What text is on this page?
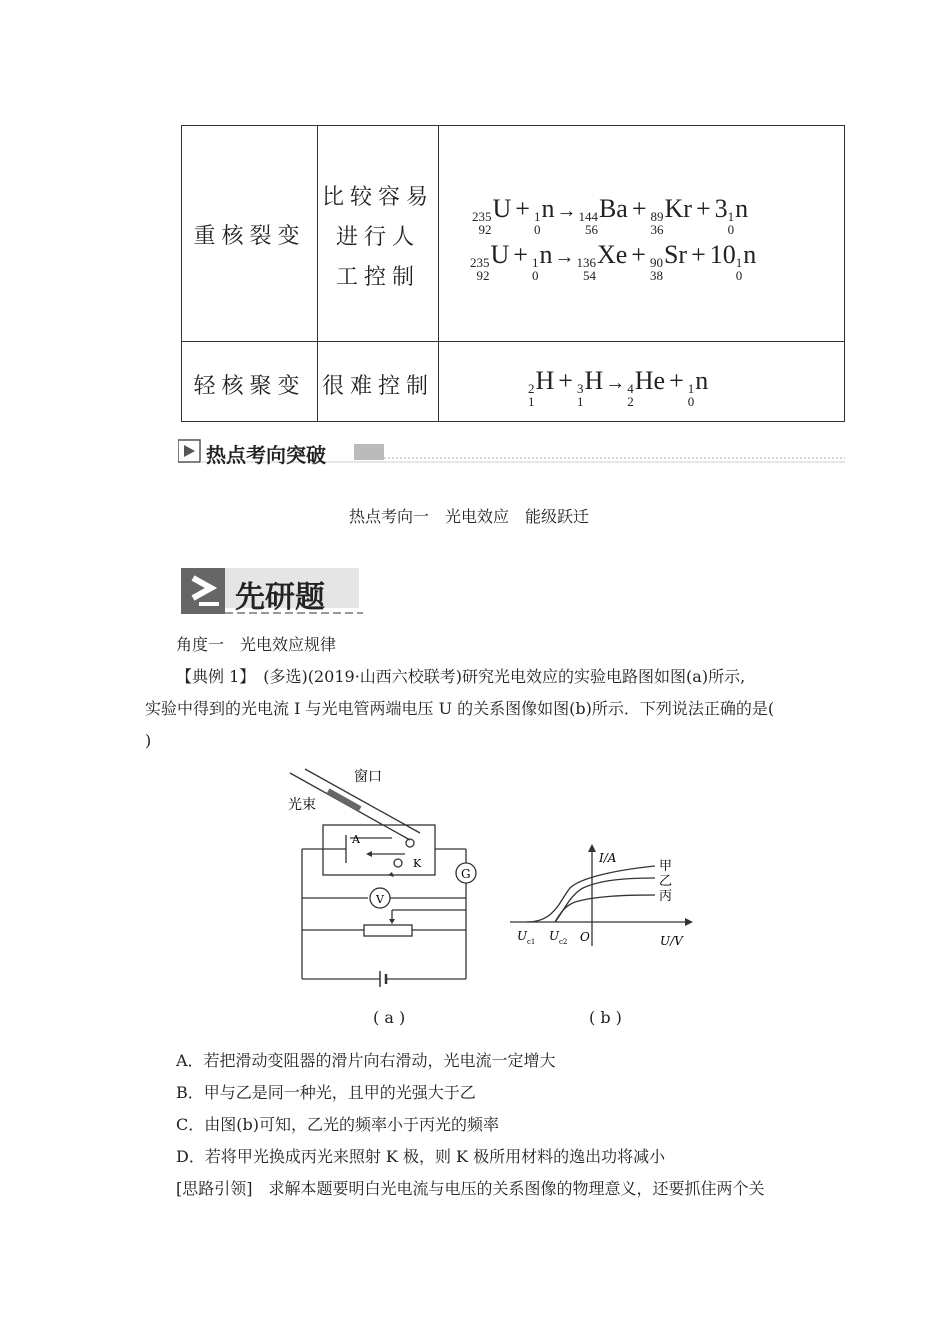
重核裂变
比较容易
进行人
工控制
235
92
U + 1
0
n → 144
56
Ba + 89
36
Kr + 3 1
0
n
235
92
U + 1
0
n → 136
54
Xe + 90
38
Sr + 10 1
0
n
轻核聚变 很难控制	2
1
H + 3
1
H → 4
2
He + 1
0
n
热点考向突破
热点考向一　光电效应　能级跃迁
先研题
角度一　光电效应规律
【典例 1】　(多选)(2019·山西六校联考)研究光电效应的实验电路图如图(a)所示,
实验中得到的光电流 I 与光电管两端电压 U 的关系图像如图(b)所示．下列说法正确的是(
)
窗口
光束
A
K
G
V
( a )
I/A
U/V
O
U c1 U c2
甲
乙
丙
( b )
A．若把滑动变阻器的滑片向右滑动，光电流一定增大
B．甲与乙是同一种光，且甲的光强大于乙
C．由图(b)可知，乙光的频率小于丙光的频率
D．若将甲光换成丙光来照射 K 极，则 K 极所用材料的逸出功将减小
[思路引领]　求解本题要明白光电流与电压的关系图像的物理意义，还要抓住两个关
